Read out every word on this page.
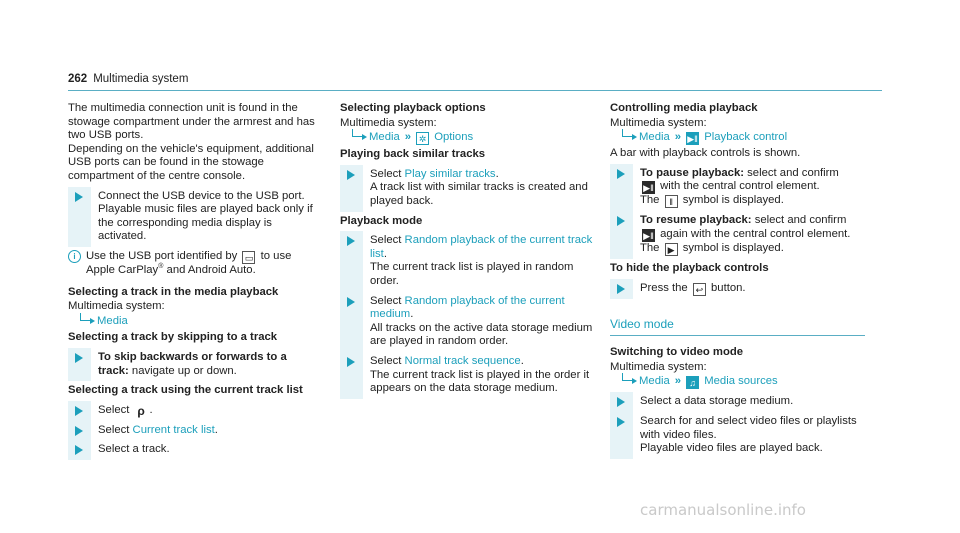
262 Multimedia system

The multimedia connection unit is found in the stowage compartment under the armrest and has two USB ports.

Depending on the vehicle's equipment, additional USB ports can be found in the stowage compartment of the centre console.

Connect the USB device to the USB port.

Playable music files are played back only if the corresponding media display is activated.

i Use the USB port identified by ▭ to use
Apple CarPlay® and Android Auto.

Selecting a track in the media playback

Multimedia system:

Media

Selecting a track by skipping to a track

To skip backwards or forwards to a track: navigate up or down.

Selecting a track using the current track list

Select ρ .

Select Current track list.

Select a track.

Selecting playback options

Multimedia system:

Media » ✲ Options

Playing back similar tracks

Select Play similar tracks.

A track list with similar tracks is created and played back.

Playback mode

Select Random playback of the current track list.

The current track list is played in random order.

Select Random playback of the current medium.

All tracks on the active data storage medium are played in random order.

Select Normal track sequence.

The current track list is played in the order it appears on the data storage medium.

Controlling media playback

Multimedia system:

Media » ▶‖ Playback control

A bar with playback controls is shown.

To pause playback: select and confirm

▶‖ with the central control element.

The ‖ symbol is displayed.

To resume playback: select and confirm

▶‖ again with the central control element.

The ▶ symbol is displayed.

To hide the playback controls

Press the ↩ button.

Video mode

Switching to video mode

Multimedia system:

Media » ♫ Media sources

Select a data storage medium.

Search for and select video files or playlists with video files.

Playable video files are played back.

carmanualsonline.info
